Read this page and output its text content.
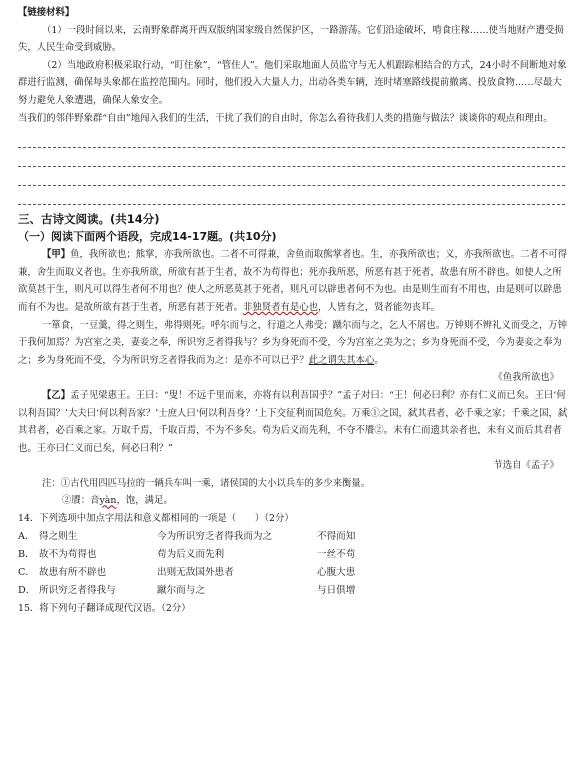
【链接材料】

（1）一段时间以来，云南野象群离开西双版纳国家级自然保护区，一路游荡。它们沿途破坏，啃食庄稼……使当地财产遭受损失，人民生命受到威胁。

（2）当地政府积极采取行动，“盯住象”，“管住人”。他们采取地面人员监守与无人机跟踪相结合的方式，24小时不间断地对象群进行监测，确保每头象都在监控范围内。同时，他们投入大量人力，出动各类车辆，连时堵塞路线提前撤离、投放食物……尽最大努力避免人象遭遇，确保人象安全。

当我们的邻伴野象群“自由”地闯入我们的生活，干扰了我们的自由时，你怎么看待我们人类的措施与做法？谈谈你的观点和理由。

三、古诗文阅读。(共14分)

（一）阅读下面两个语段，完成14-17题。(共10分)

【甲】鱼，我所欲也；熊掌，亦我所欲也。二者不可得兼，舍鱼而取熊掌者也。生，亦我所欲也；义，亦我所欲也。二者不可得兼，舍生而取义者也。生亦我所欲，所欲有甚于生者，故不为苟得也；死亦我所恶，所恶有甚于死者，故患有所不辟也。如使人之所欲莫甚于生，则凡可以得生者何不用也？使人之所恶莫甚于死者，则凡可以辟患者何不为也。由是则生而有不用也，由是则可以辟患而有不为也。是故所欲有甚于生者，所恶有甚于死者。非独贤者有是心也，人皆有之，贤者能勿丧耳。

一箪食，一豆羹，得之则生，弗得则死。呼尔而与之，行道之人弗受；蹴尔而与之，乞人不屑也。万钟则不辨礼义而受之，万钟于我何加焉？为宫室之美，妻妾之奉，所识穷乏者得我与？乡为身死而不受，今为宫室之美为之；乡为身死而不受，今为妻妾之奉为之；乡为身死而不受，今为所识穷乏者得我而为之：是亦不可以已乎？此之谓失其本心。

《鱼我所欲也》

【乙】孟子见梁惠王。王曰：“叟！不远千里而来，亦将有以利吾国乎？”孟子对曰：“王！何必曰利？亦有仁义而已矣。王曰‘何以利吾国？’大夫曰‘何以利吾家？’士庶人曰‘何以利吾身？’上下交征利而国危矣。万乘①之国，弑其君者，必千乘之家；千乘之国，弑其君者，必百乘之家。万取千焉，千取百焉，不为不多矣。苟为后义而先利，不夺不餍②。未有仁而遗其亲者也，未有义而后其君者也。王亦曰仁义而已矣，何必曰利？”

节选自《孟子》

注：①古代用四匹马拉的一辆兵车叫一乘，诸侯国的大小以兵车的多少来衡量。

②餍：音yàn，饱，满足。

14．下列选项中加点字用法和意义都相同的一项是（　　）（2分）

A． 得之则生	今为所识穷乏者得我而为之	不得而知
B． 故不为苟得也	苟为后义而先利	一丝不苟
C． 故患有所不辟也	出则无敌国外患者	心腹大患
D． 所识穷乏者得我与	蹴尔而与之	与日俱增

15．将下列句子翻译成现代汉语。（2分）
